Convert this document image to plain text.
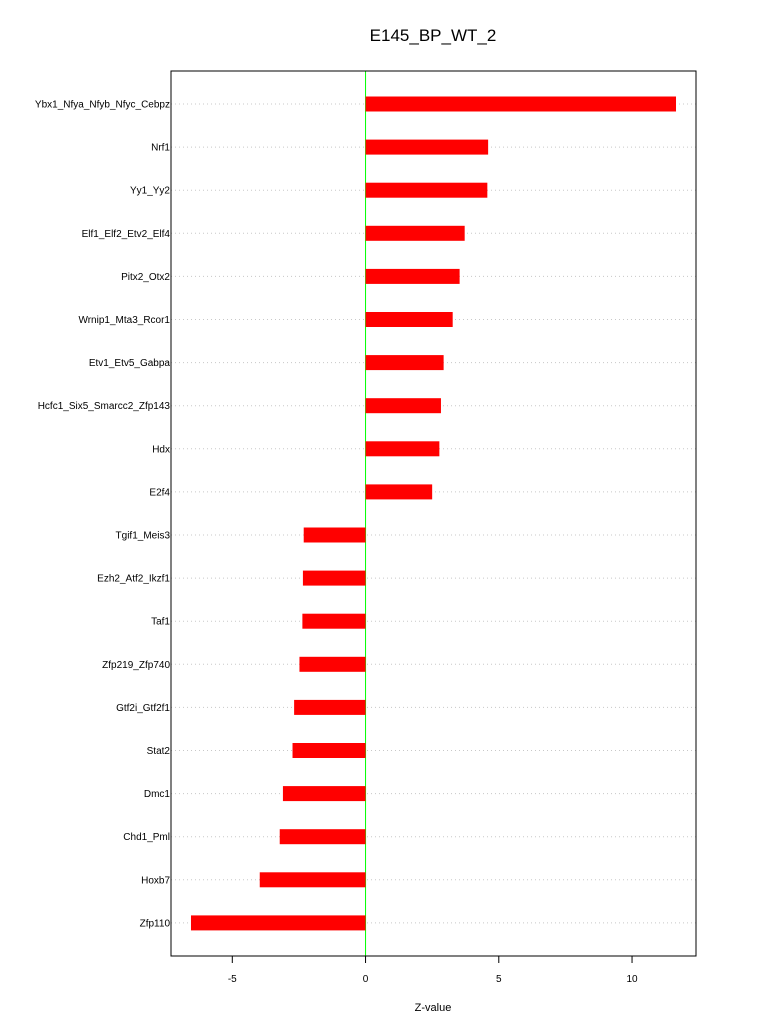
E145_BP_WT_2
Ybx1_Nfya_Nfyb_Nfyc_Cebpz
Nrf1
Yy1_Yy2
Elf1_Elf2_Etv2_Elf4
Pitx2_Otx2
Wrnip1_Mta3_Rcor1
Etv1_Etv5_Gabpa
Hcfc1_Six5_Smarcc2_Zfp143
Hdx
E2f4
Tgif1_Meis3
Ezh2_Atf2_Ikzf1
Taf1
Zfp219_Zfp740
Gtf2i_Gtf2f1
Stat2
Dmc1
Chd1_Pml
Hoxb7
Zfp110
-5	0	5	10
Z-value
